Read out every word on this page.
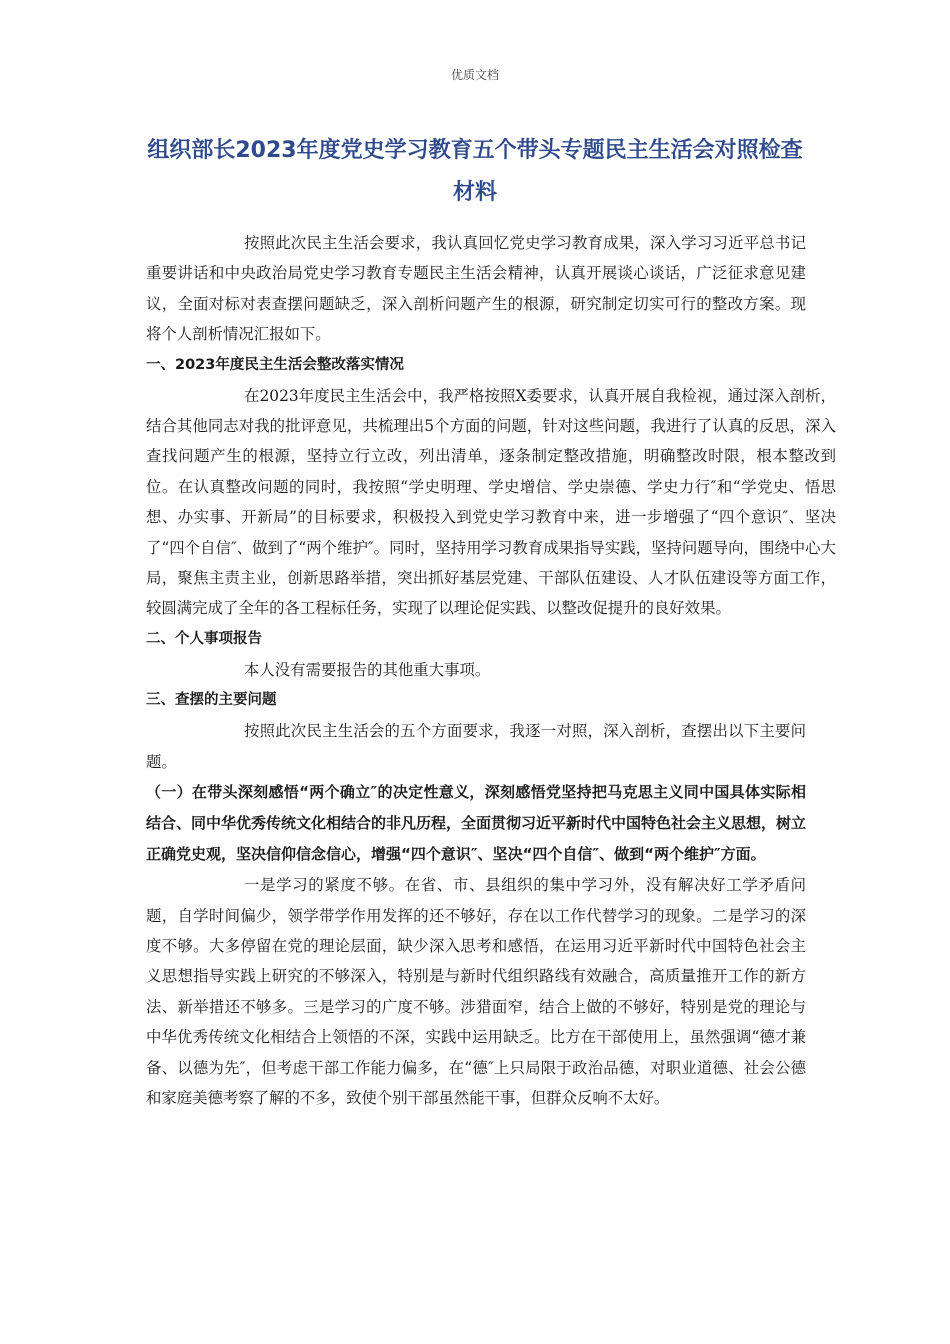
优质文档
组织部长2023年度党史学习教育五个带头专题民主生活会对照检查材料

按照此次民主生活会要求，我认真回忆党史学习教育成果，深入学习习近平总书记重要讲话和中央政治局党史学习教育专题民主生活会精神，认真开展谈心谈话，广泛征求意见建议，全面对标对表查摆问题缺乏，深入剖析问题产生的根源，研究制定切实可行的整改方案。现将个人剖析情况汇报如下。

一、2023年度民主生活会整改落实情况

在2023年度民主生活会中，我严格按照X委要求，认真开展自我检视，通过深入剖析，结合其他同志对我的批评意见，共梳理出5个方面的问题，针对这些问题，我进行了认真的反思，深入查找问题产生的根源，坚持立行立改，列出清单，逐条制定整改措施，明确整改时限，根本整改到位。在认真整改问题的同时，我按照“学史明理、学史增信、学史崇德、学史力行″和“学党史、悟思想、办实事、开新局”的目标要求，积极投入到党史学习教育中来，进一步增强了“四个意识″、坚决了“四个自信″、做到了“两个维护″。同时，坚持用学习教育成果指导实践，坚持问题导向，围绕中心大局，聚焦主责主业，创新思路举措，突出抓好基层党建、干部队伍建设、人才队伍建设等方面工作，较圆满完成了全年的各工程标任务，实现了以理论促实践、以整改促提升的良好效果。

二、个人事项报告

本人没有需要报告的其他重大事项。

三、查摆的主要问题

按照此次民主生活会的五个方面要求，我逐一对照，深入剖析，查摆出以下主要问题。

（一）在带头深刻感悟“两个确立″的决定性意义，深刻感悟党坚持把马克思主义同中国具体实际相结合、同中华优秀传统文化相结合的非凡历程，全面贯彻习近平新时代中国特色社会主义思想，树立正确党史观，坚决信仰信念信心，增强“四个意识″、坚决“四个自信″、做到“两个维护″方面。

一是学习的紧度不够。在省、市、县组织的集中学习外，没有解决好工学矛盾问题，自学时间偏少，领学带学作用发挥的还不够好，存在以工作代替学习的现象。二是学习的深度不够。大多停留在党的理论层面，缺少深入思考和感悟，在运用习近平新时代中国特色社会主义思想指导实践上研究的不够深入，特别是与新时代组织路线有效融合，高质量推开工作的新方法、新举措还不够多。三是学习的广度不够。涉猎面窄，结合上做的不够好，特别是党的理论与中华优秀传统文化相结合上领悟的不深，实践中运用缺乏。比方在干部使用上，虽然强调“德才兼备、以德为先″，但考虑干部工作能力偏多，在“德″上只局限于政治品德，对职业道德、社会公德和家庭美德考察了解的不多，致使个别干部虽然能干事，但群众反响不太好。
